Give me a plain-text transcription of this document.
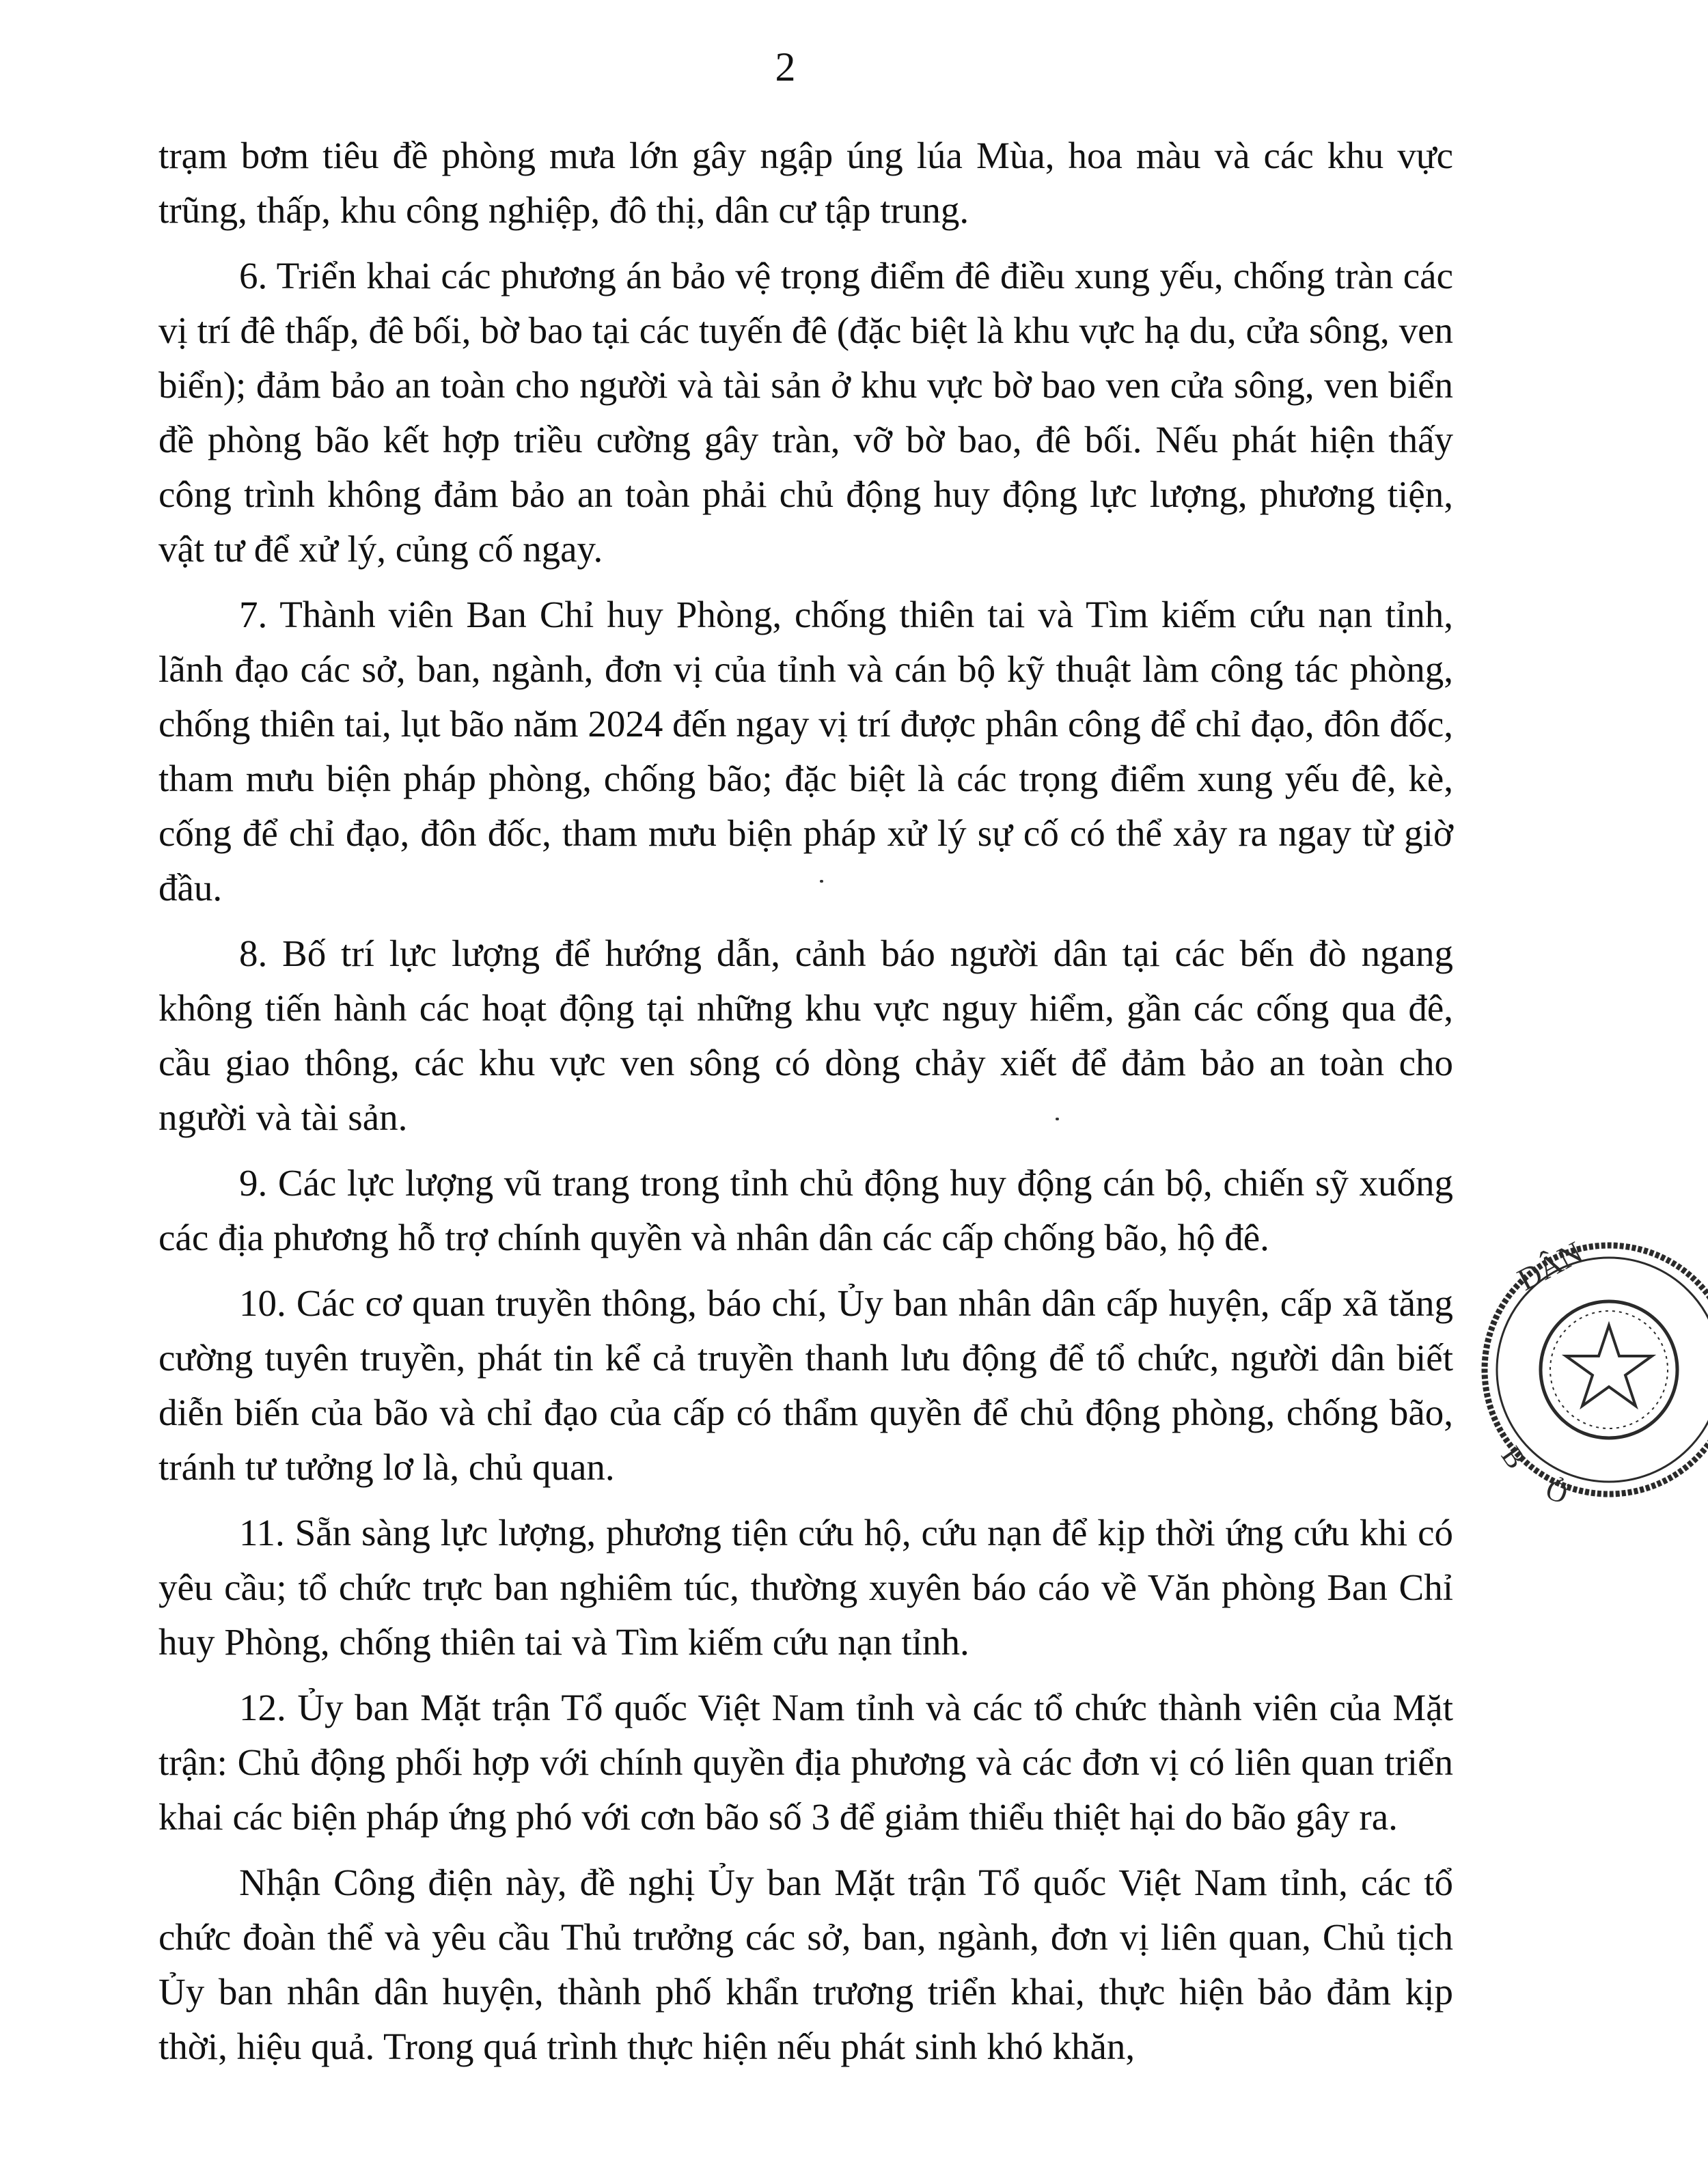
2

trạm bơm tiêu đề phòng mưa lớn gây ngập úng lúa Mùa, hoa màu và các khu vực trũng, thấp, khu công nghiệp, đô thị, dân cư tập trung.

6. Triển khai các phương án bảo vệ trọng điểm đê điều xung yếu, chống tràn các vị trí đê thấp, đê bối, bờ bao tại các tuyến đê (đặc biệt là khu vực hạ du, cửa sông, ven biển); đảm bảo an toàn cho người và tài sản ở khu vực bờ bao ven cửa sông, ven biển đề phòng bão kết hợp triều cường gây tràn, vỡ bờ bao, đê bối. Nếu phát hiện thấy công trình không đảm bảo an toàn phải chủ động huy động lực lượng, phương tiện, vật tư để xử lý, củng cố ngay.

7. Thành viên Ban Chỉ huy Phòng, chống thiên tai và Tìm kiếm cứu nạn tỉnh, lãnh đạo các sở, ban, ngành, đơn vị của tỉnh và cán bộ kỹ thuật làm công tác phòng, chống thiên tai, lụt bão năm 2024 đến ngay vị trí được phân công để chỉ đạo, đôn đốc, tham mưu biện pháp phòng, chống bão; đặc biệt là các trọng điểm xung yếu đê, kè, cống để chỉ đạo, đôn đốc, tham mưu biện pháp xử lý sự cố có thể xảy ra ngay từ giờ đầu.

8. Bố trí lực lượng để hướng dẫn, cảnh báo người dân tại các bến đò ngang không tiến hành các hoạt động tại những khu vực nguy hiểm, gần các cống qua đê, cầu giao thông, các khu vực ven sông có dòng chảy xiết để đảm bảo an toàn cho người và tài sản.

9. Các lực lượng vũ trang trong tỉnh chủ động huy động cán bộ, chiến sỹ xuống các địa phương hỗ trợ chính quyền và nhân dân các cấp chống bão, hộ đê.

10. Các cơ quan truyền thông, báo chí, Ủy ban nhân dân cấp huyện, cấp xã tăng cường tuyên truyền, phát tin kể cả truyền thanh lưu động để tổ chức, người dân biết diễn biến của bão và chỉ đạo của cấp có thẩm quyền để chủ động phòng, chống bão, tránh tư tưởng lơ là, chủ quan.

11. Sẵn sàng lực lượng, phương tiện cứu hộ, cứu nạn để kịp thời ứng cứu khi có yêu cầu; tổ chức trực ban nghiêm túc, thường xuyên báo cáo về Văn phòng Ban Chỉ huy Phòng, chống thiên tai và Tìm kiếm cứu nạn tỉnh.

12. Ủy ban Mặt trận Tổ quốc Việt Nam tỉnh và các tổ chức thành viên của Mặt trận: Chủ động phối hợp với chính quyền địa phương và các đơn vị có liên quan triển khai các biện pháp ứng phó với cơn bão số 3 để giảm thiểu thiệt hại do bão gây ra.

Nhận Công điện này, đề nghị Ủy ban Mặt trận Tổ quốc Việt Nam tỉnh, các tổ chức đoàn thể và yêu cầu Thủ trưởng các sở, ban, ngành, đơn vị liên quan, Chủ tịch Ủy ban nhân dân huyện, thành phố khẩn trương triển khai, thực hiện bảo đảm kịp thời, hiệu quả. Trong quá trình thực hiện nếu phát sinh khó khăn,

DÂN
B
Ở
